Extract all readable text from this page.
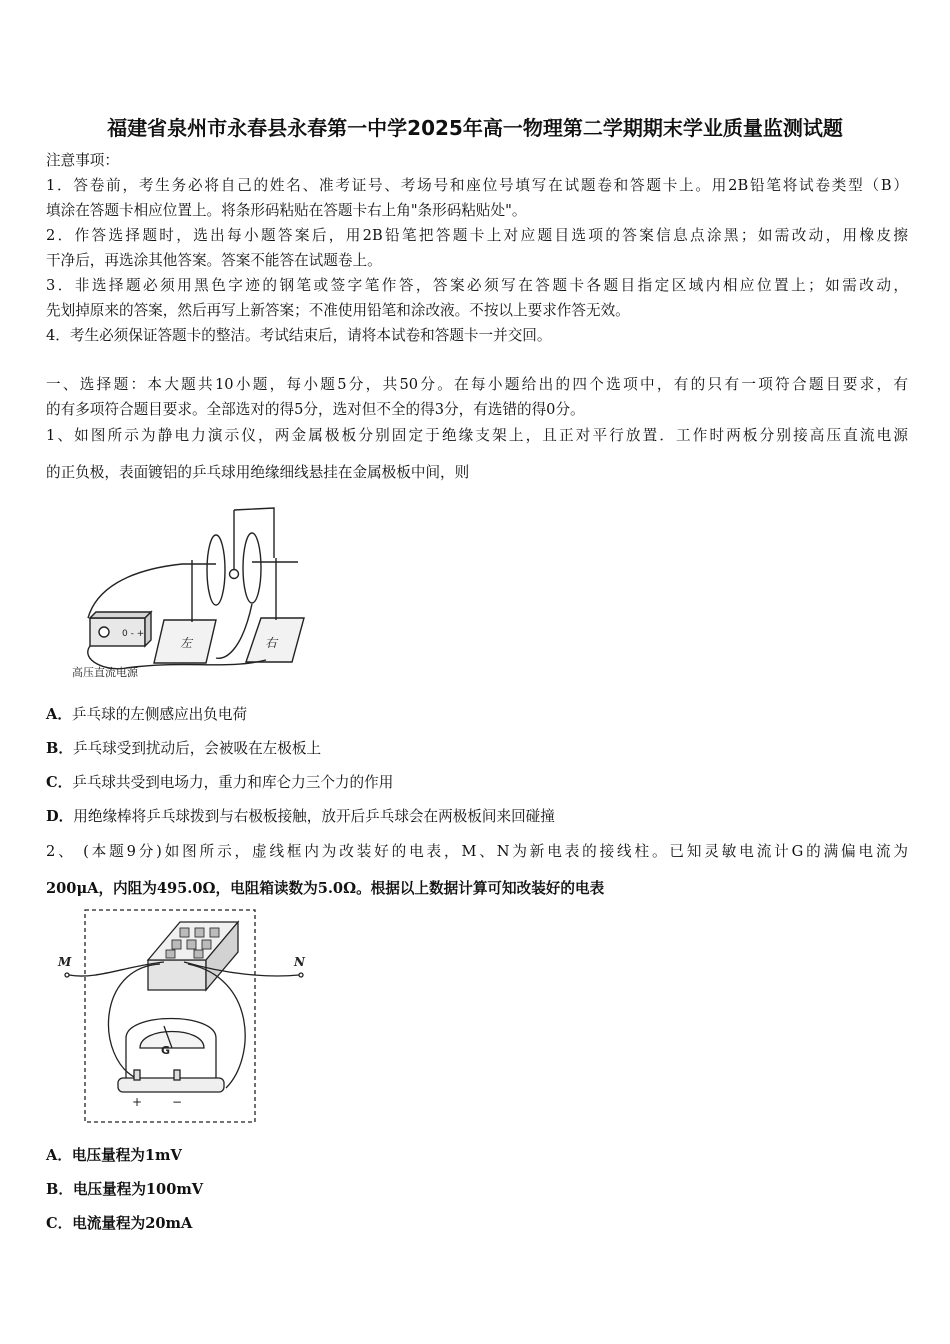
福建省泉州市永春县永春第一中学2025年高一物理第二学期期末学业质量监测试题
注意事项：
1．答卷前，考生务必将自己的姓名、准考证号、考场号和座位号填写在试题卷和答题卡上。用2B铅笔将试卷类型（B）
填涂在答题卡相应位置上。将条形码粘贴在答题卡右上角"条形码粘贴处"。
2．作答选择题时，选出每小题答案后，用2B铅笔把答题卡上对应题目选项的答案信息点涂黑；如需改动，用橡皮擦
干净后，再选涂其他答案。答案不能答在试题卷上。
3．非选择题必须用黑色字迹的钢笔或签字笔作答，答案必须写在答题卡各题目指定区域内相应位置上；如需改动，
先划掉原来的答案，然后再写上新答案；不准使用铅笔和涂改液。不按以上要求作答无效。
4．考生必须保证答题卡的整洁。考试结束后，请将本试卷和答题卡一并交回。
一、选择题：本大题共10小题，每小题5分，共50分。在每小题给出的四个选项中，有的只有一项符合题目要求，有
的有多项符合题目要求。全部选对的得5分，选对但不全的得3分，有选错的得0分。
1、如图所示为静电力演示仪，两金属极板分别固定于绝缘支架上，且正对平行放置．工作时两板分别接高压直流电源
的正负极，表面镀铝的乒乓球用绝缘细线悬挂在金属极板中间，则
0 - +
左	右
高压直流电源
A．乒乓球的左侧感应出负电荷
B．乒乓球受到扰动后，会被吸在左极板上
C．乒乓球共受到电场力，重力和库仑力三个力的作用
D．用绝缘棒将乒乓球拨到与右极板接触，放开后乒乓球会在两极板间来回碰撞
2、 (本题9分)如图所示，虚线框内为改装好的电表，M、N为新电表的接线柱。已知灵敏电流计G的满偏电流为
200μA，内阻为495.0Ω，电阻箱读数为5.0Ω。根据以上数据计算可知改装好的电表
M	N
G
+ −
A．电压量程为1mV
B．电压量程为100mV
C．电流量程为20mA
